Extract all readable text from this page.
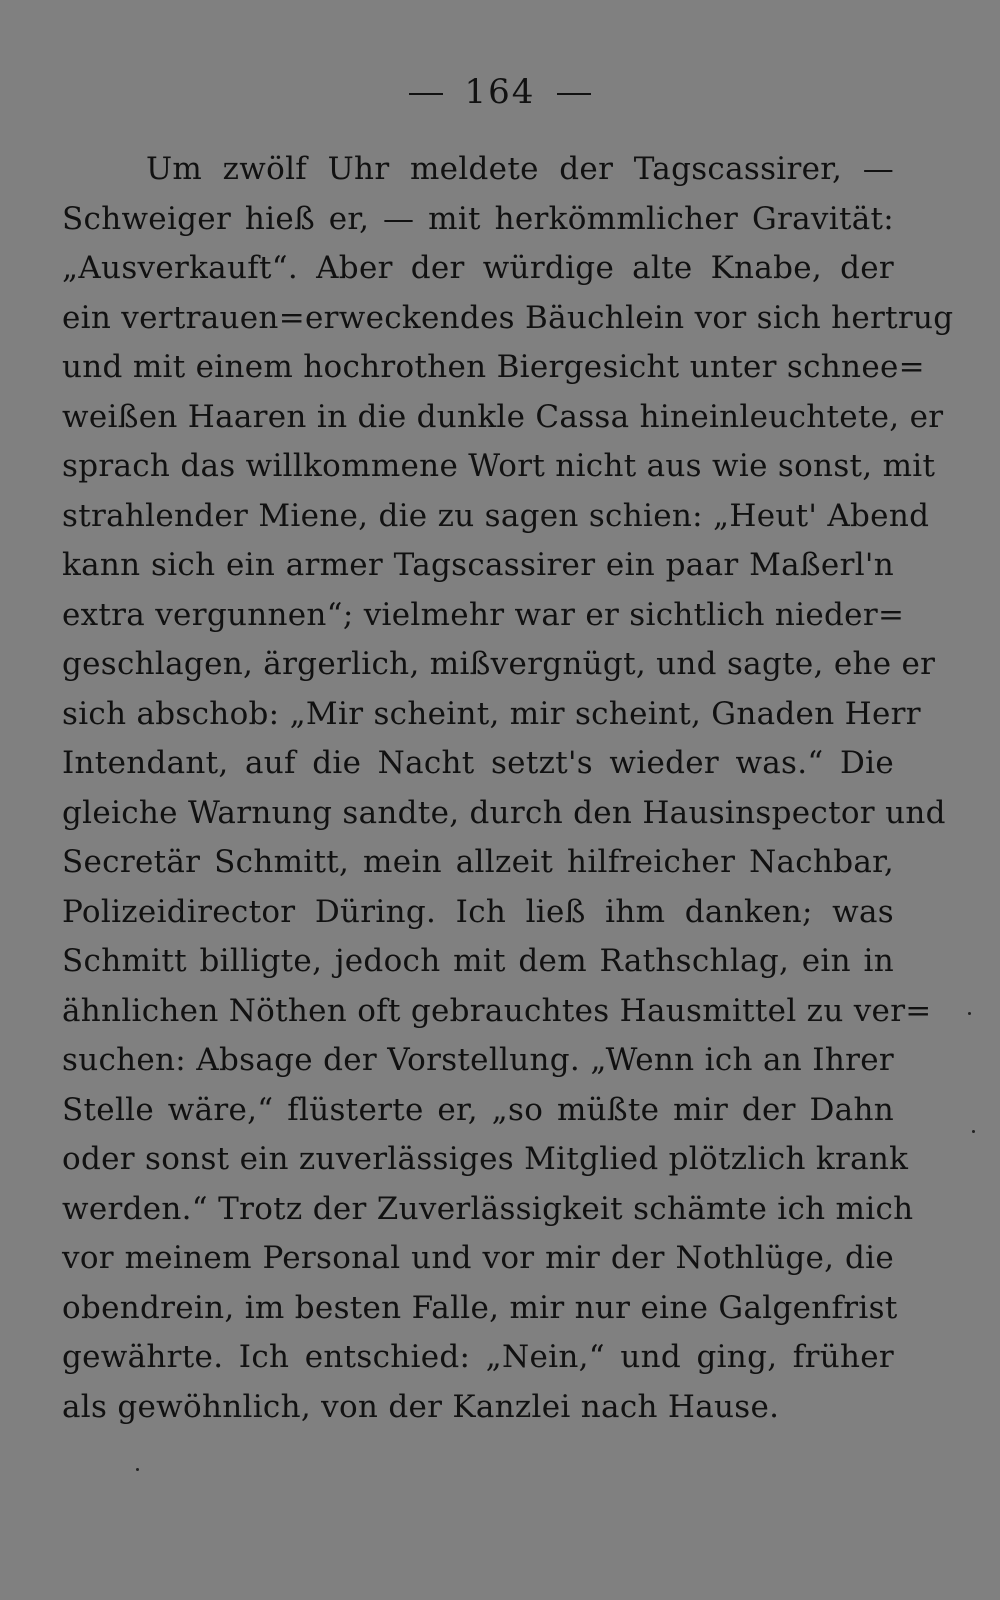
164
Um zwölf Uhr meldete der Tagscassirer, —
Schweiger hieß er, — mit herkömmlicher Gravität:
„Ausverkauft“. Aber der würdige alte Knabe, der
ein vertrauen=erweckendes Bäuchlein vor sich hertrug
und mit einem hochrothen Biergesicht unter schnee=
weißen Haaren in die dunkle Cassa hineinleuchtete, er
sprach das willkommene Wort nicht aus wie sonst, mit
strahlender Miene, die zu sagen schien: „Heut' Abend
kann sich ein armer Tagscassirer ein paar Maßerl'n
extra vergunnen“; vielmehr war er sichtlich nieder=
geschlagen, ärgerlich, mißvergnügt, und sagte, ehe er
sich abschob: „Mir scheint, mir scheint, Gnaden Herr
Intendant, auf die Nacht setzt's wieder was.“ Die
gleiche Warnung sandte, durch den Hausinspector und
Secretär Schmitt, mein allzeit hilfreicher Nachbar,
Polizeidirector Düring. Ich ließ ihm danken; was
Schmitt billigte, jedoch mit dem Rathschlag, ein in
ähnlichen Nöthen oft gebrauchtes Hausmittel zu ver=
suchen: Absage der Vorstellung. „Wenn ich an Ihrer
Stelle wäre,“ flüsterte er, „so müßte mir der Dahn
oder sonst ein zuverlässiges Mitglied plötzlich krank
werden.“ Trotz der Zuverlässigkeit schämte ich mich
vor meinem Personal und vor mir der Nothlüge, die
obendrein, im besten Falle, mir nur eine Galgenfrist
gewährte. Ich entschied: „Nein,“ und ging, früher
als gewöhnlich, von der Kanzlei nach Hause.
